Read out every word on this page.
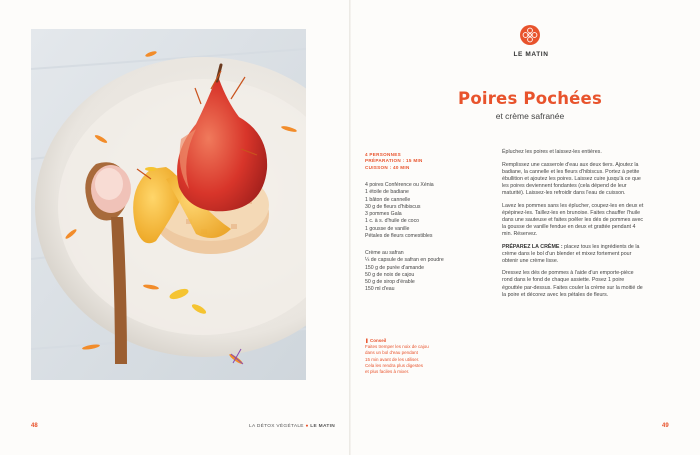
48	LA DÉTOX VÉGÉTALE ● LE MATIN
LE MATIN
Poires Pochées
et crème safranée
4 PERSONNES
PRÉPARATION : 15 MIN
CUISSON : 40 MIN
4 poires Conférence ou Xénia
1 étoile de badiane
1 bâton de cannelle
30 g de fleurs d'hibiscus
3 pommes Gala
1 c. à s. d'huile de coco
1 gousse de vanille
Pétales de fleurs comestibles
Crème au safran
¼ de capsule de safran en poudre
150 g de purée d'amande
50 g de noix de cajou
50 g de sirop d'érable
150 ml d'eau
❚ Conseil
Faites tremper les noix de cajou
dans un bol d'eau pendant
15 min avant de les utiliser.
Cela les rendra plus digestes
et plus faciles à mixer.

Épluchez les poires et laissez-les entières.

Remplissez une casserole d'eau aux deux tiers. Ajoutez la badiane, la cannelle et les fleurs d'hibiscus. Portez à petite ébullition et ajoutez les poires. Laissez cuire jusqu'à ce que les poires deviennent fondantes (cela dépend de leur maturité). Laissez-les refroidir dans l'eau de cuisson.

Lavez les pommes sans les éplucher, coupez-les en deux et épépinez-les. Taillez-les en brunoise. Faites chauffer l'huile dans une sauteuse et faites poêler les dés de pommes avec la gousse de vanille fendue en deux et grattée pendant 4 min. Réservez.

PRÉPAREZ LA CRÈME : placez tous les ingrédients de la crème dans le bol d'un blender et mixez fortement pour obtenir une crème lisse.

Dressez les dés de pommes à l'aide d'un emporte-pièce rond dans le fond de chaque assiette. Posez 1 poire égouttée par-dessus. Faites couler la crème sur la moitié de la poire et décorez avec les pétales de fleurs.

49
